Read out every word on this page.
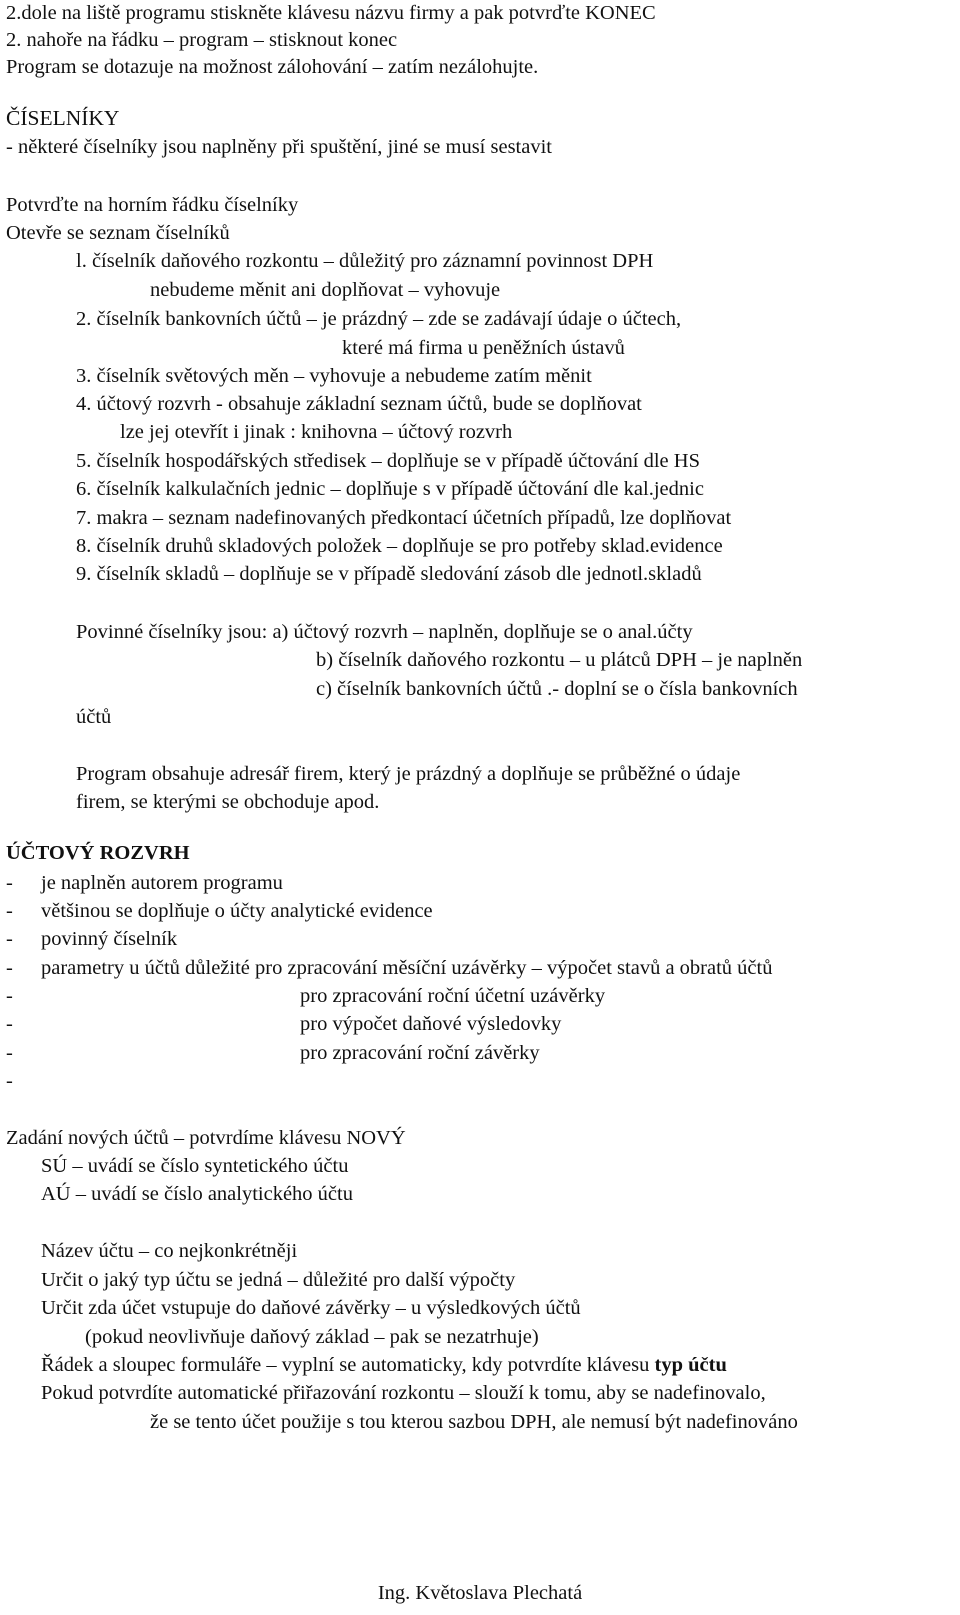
2.dole na liště programu stiskněte klávesu názvu firmy a pak potvrďte KONEC
2. nahoře na řádku – program – stisknout konec
Program se dotazuje na možnost zálohování – zatím nezálohujte.
ČÍSELNÍKY
- některé číselníky jsou naplněny při spuštění, jiné se musí sestavit
Potvrďte na horním řádku číselníky
Otevře se seznam číselníků
l. číselník daňového rozkontu – důležitý pro záznamní povinnost DPH
nebudeme měnit ani doplňovat – vyhovuje
2. číselník bankovních účtů – je prázdný – zde se zadávají údaje o účtech,
které má firma u peněžních ústavů
3. číselník světových měn – vyhovuje a nebudeme zatím měnit
4. účtový rozvrh - obsahuje základní seznam účtů, bude se doplňovat
lze jej otevřít i jinak : knihovna – účtový rozvrh
5. číselník hospodářských středisek – doplňuje se v případě účtování dle HS
6. číselník kalkulačních jednic – doplňuje s v případě účtování dle kal.jednic
7. makra – seznam nadefinovaných předkontací účetních případů, lze doplňovat
8. číselník druhů skladových položek – doplňuje se pro potřeby sklad.evidence
9. číselník skladů – doplňuje se v případě sledování zásob dle jednotl.skladů
Povinné číselníky jsou: a) účtový rozvrh – naplněn, doplňuje se o anal.účty
b) číselník daňového rozkontu – u plátců DPH – je naplněn
c) číselník bankovních účtů .- doplní se o čísla bankovních
účtů
Program obsahuje adresář firem, který je prázdný a doplňuje se průběžné o údaje
firem, se kterými se obchoduje apod.
ÚČTOVÝ ROZVRH
- je naplněn autorem programu
- většinou se doplňuje o účty analytické evidence
- povinný číselník
- parametry u účtů důležité pro zpracování měsíční uzávěrky – výpočet stavů a obratů účtů
-	pro zpracování roční účetní uzávěrky
-	pro výpočet daňové výsledovky
-	pro zpracování roční závěrky
-
Zadání nových účtů – potvrdíme klávesu NOVÝ
SÚ – uvádí se číslo syntetického účtu
AÚ – uvádí se číslo analytického účtu
Název účtu – co nejkonkrétněji
Určit o jaký typ účtu se jedná – důležité pro další výpočty
Určit zda účet vstupuje do daňové závěrky – u výsledkových účtů
(pokud neovlivňuje daňový základ – pak se nezatrhuje)
Řádek a sloupec formuláře – vyplní se automaticky, kdy potvrdíte klávesu typ účtu
Pokud potvrdíte automatické přiřazování rozkontu – slouží k tomu, aby se nadefinovalo,
že se tento účet použije s tou kterou sazbou DPH, ale nemusí být nadefinováno
Ing. Květoslava Plechatá
